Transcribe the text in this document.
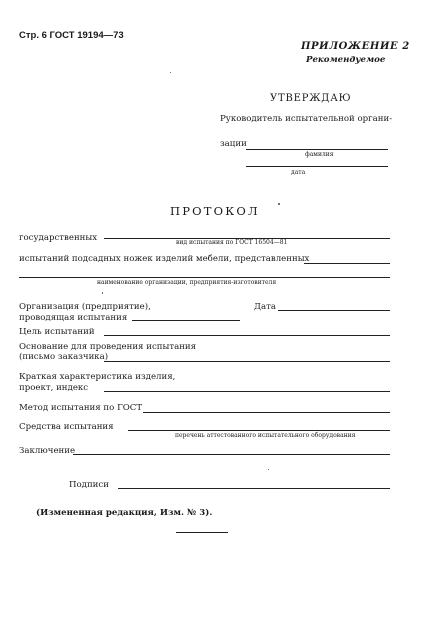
Стр. 6 ГОСТ 19194—73
ПРИЛОЖЕНИЕ 2
Рекомендуемое
УТВЕРЖДАЮ
Руководитель испытательной органи-
зации
фамилия
дата
ПРОТОКОЛ
государственных	вид испытания по ГОСТ 16504—81
испытаний подсадных ножек изделий мебели, представленных
наименование организации, предприятия-изготовителя
Организация (предприятие),
проводящая испытания
Дата
Цель испытаний
Основание для проведения испытания
(письмо заказчика)
Краткая характеристика изделия,
проект, индекс
Метод испытания по ГОСТ
Средства испытания
перечень аттестованного испытательного оборудования
Заключение
Подписи
(Измененная редакция, Изм. № 3).
